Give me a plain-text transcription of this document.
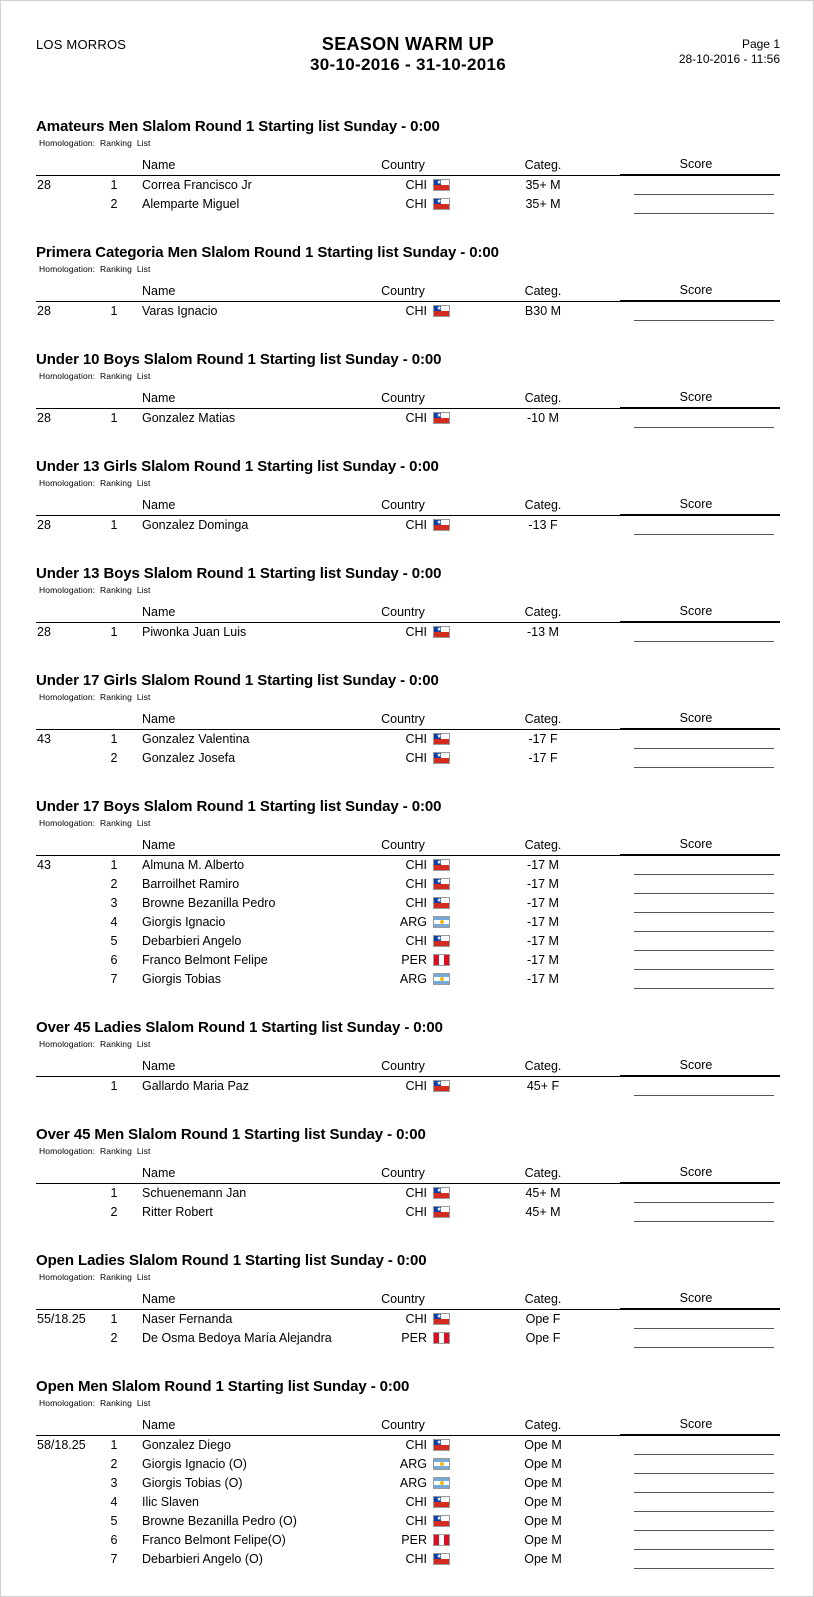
LOS MORROS	SEASON WARM UP
30-10-2016 - 31-10-2016
Page 1
28-10-2016 - 11:56
Amateurs Men Slalom Round 1 Starting list Sunday - 0:00
Homologation:  Ranking  List
		Name	Country	Categ.	Score
28	1	Correa Francisco Jr	CHI ★	35+ M	

	2	Alemparte Miguel	CHI ★	35+ M	
Primera Categoria Men Slalom Round 1 Starting list Sunday - 0:00
Homologation:  Ranking  List
		Name	Country	Categ.	Score
28	1	Varas Ignacio	CHI ★	B30 M	
Under 10 Boys Slalom Round 1 Starting list Sunday - 0:00
Homologation:  Ranking  List
		Name	Country	Categ.	Score
28	1	Gonzalez Matias	CHI ★	-10 M	
Under 13 Girls Slalom Round 1 Starting list Sunday - 0:00
Homologation:  Ranking  List
		Name	Country	Categ.	Score
28	1	Gonzalez Dominga	CHI ★	-13 F	
Under 13 Boys Slalom Round 1 Starting list Sunday - 0:00
Homologation:  Ranking  List
		Name	Country	Categ.	Score
28	1	Piwonka Juan Luis	CHI ★	-13 M	
Under 17 Girls Slalom Round 1 Starting list Sunday - 0:00
Homologation:  Ranking  List
		Name	Country	Categ.	Score
43	1	Gonzalez Valentina	CHI ★	-17 F	

	2	Gonzalez Josefa	CHI ★	-17 F	
Under 17 Boys Slalom Round 1 Starting list Sunday - 0:00
Homologation:  Ranking  List
		Name	Country	Categ.	Score
43	1	Almuna M. Alberto	CHI ★	-17 M	

	2	Barroilhet Ramiro	CHI ★	-17 M	

	3	Browne Bezanilla Pedro	CHI ★	-17 M	

	4	Giorgis Ignacio	ARG	-17 M	

	5	Debarbieri Angelo	CHI ★	-17 M	

	6	Franco Belmont Felipe	PER	-17 M	

	7	Giorgis Tobias	ARG	-17 M	
Over 45 Ladies Slalom Round 1 Starting list Sunday - 0:00
Homologation:  Ranking  List
		Name	Country	Categ.	Score
	1	Gallardo Maria Paz	CHI ★	45+ F	
Over 45 Men Slalom Round 1 Starting list Sunday - 0:00
Homologation:  Ranking  List
		Name	Country	Categ.	Score
	1	Schuenemann Jan	CHI ★	45+ M	

	2	Ritter Robert	CHI ★	45+ M	
Open Ladies Slalom Round 1 Starting list Sunday - 0:00
Homologation:  Ranking  List
		Name	Country	Categ.	Score
55/18.25	1	Naser Fernanda	CHI ★	Ope F	

	2	De Osma Bedoya María Alejandra	PER	Ope F	
Open Men Slalom Round 1 Starting list Sunday - 0:00
Homologation:  Ranking  List
		Name	Country	Categ.	Score
58/18.25	1	Gonzalez Diego	CHI ★	Ope M	

	2	Giorgis Ignacio (O)	ARG	Ope M	

	3	Giorgis Tobias (O)	ARG	Ope M	

	4	Ilic Slaven	CHI ★	Ope M	

	5	Browne Bezanilla Pedro (O)	CHI ★	Ope M	

	6	Franco Belmont Felipe(O)	PER	Ope M	

	7	Debarbieri Angelo (O)	CHI ★	Ope M	
